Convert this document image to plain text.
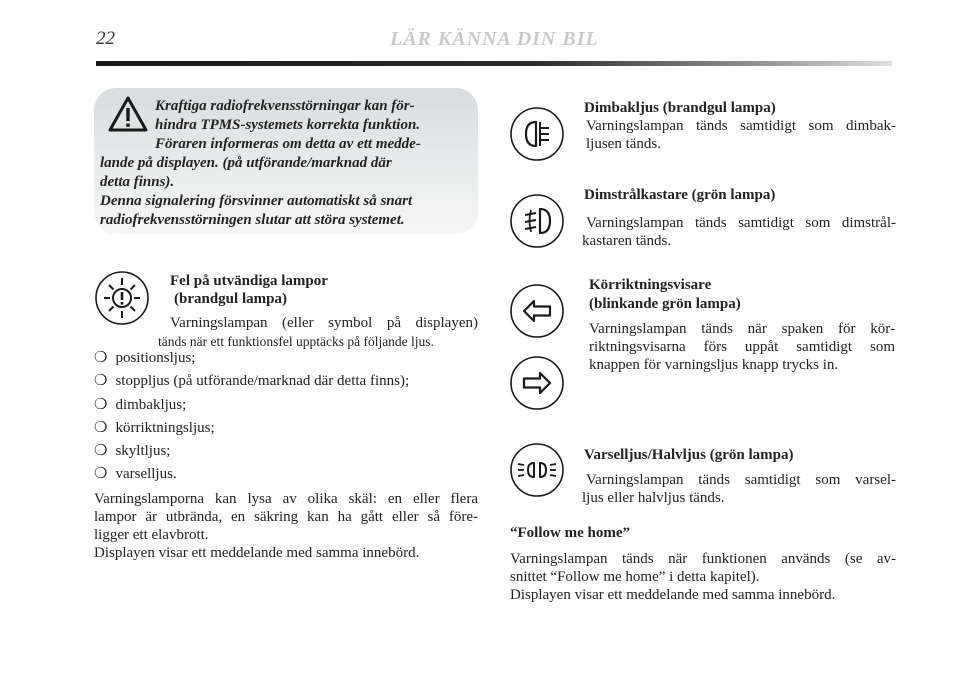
22	LÄR KÄNNA DIN BIL
Kraftiga radiofrekvensstörningar kan för-
hindra TPMS-systemets korrekta funktion.
Föraren informeras om detta av ett medde-
lande på displayen. (på utförande/marknad där
detta finns).
Denna signalering försvinner automatiskt så snart
radiofrekvensstörningen slutar att störa systemet.
Fel på utvändiga lampor
(brandgul lampa)
Varningslampan (eller symbol på displayen)
tänds när ett funktionsfel upptäcks på följande ljus.
❍ positionsljus;
❍ stoppljus (på utförande/marknad där detta finns);
❍ dimbakljus;
❍ körriktningsljus;
❍ skyltljus;
❍ varselljus.
Varningslamporna kan lysa av olika skäl: en eller flera
lampor är utbrända, en säkring kan ha gått eller så före-
ligger ett elavbrott.
Displayen visar ett meddelande med samma innebörd.
Dimbakljus (brandgul lampa)
Varningslampan tänds samtidigt som dimbak-
ljusen tänds.
Dimstrålkastare (grön lampa)
Varningslampan tänds samtidigt som dimstrål-
kastaren tänds.
Körriktningsvisare
(blinkande grön lampa)
Varningslampan tänds när spaken för kör-
riktningsvisarna förs uppåt samtidigt som
knappen för varningsljus knapp trycks in.
Varselljus/Halvljus (grön lampa)
Varningslampan tänds samtidigt som varsel-
ljus eller halvljus tänds.
“Follow me home”
Varningslampan tänds när funktionen används (se av-
snittet “Follow me home” i detta kapitel).
Displayen visar ett meddelande med samma innebörd.
